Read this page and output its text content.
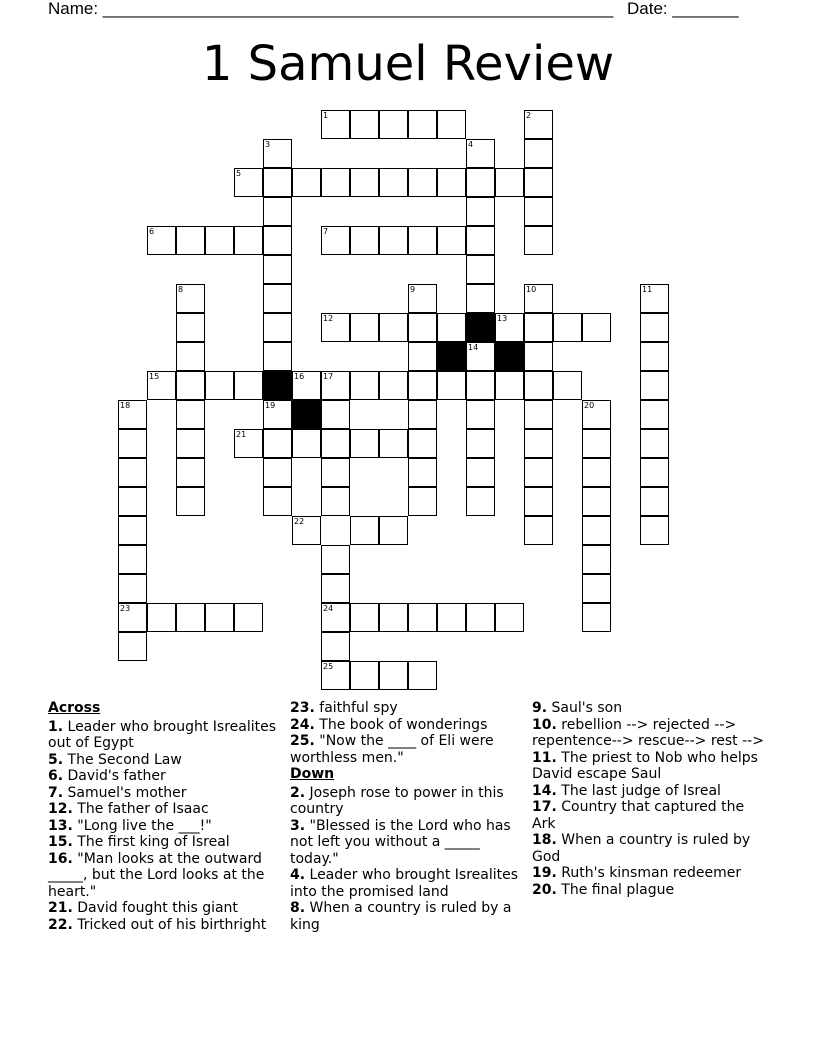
Name: ______________________________________________________ Date: _______
1 Samuel Review
1	2
3	4
5
6	7
8	9	10	11
12	13
14
15	16 17
18	19	20
21
22
23	24
25
Across
1. Leader who brought Isrealites out of Egypt
5. The Second Law
6. David's father
7. Samuel's mother
12. The father of Isaac
13. "Long live the ___!"
15. The first king of Isreal
16. "Man looks at the outward _____, but the Lord looks at the heart."
21. David fought this giant
22. Tricked out of his birthright
23. faithful spy
24. The book of wonderings
25. "Now the ____ of Eli were worthless men."
Down
2. Joseph rose to power in this country
3. "Blessed is the Lord who has not left you without a _____ today."
4. Leader who brought Isrealites into the promised land
8. When a country is ruled by a king
9. Saul's son
10. rebellion --> rejected --> repentence--> rescue--> rest -->
11. The priest to Nob who helps David escape Saul
14. The last judge of Isreal
17. Country that captured the Ark
18. When a country is ruled by God
19. Ruth's kinsman redeemer
20. The final plague
